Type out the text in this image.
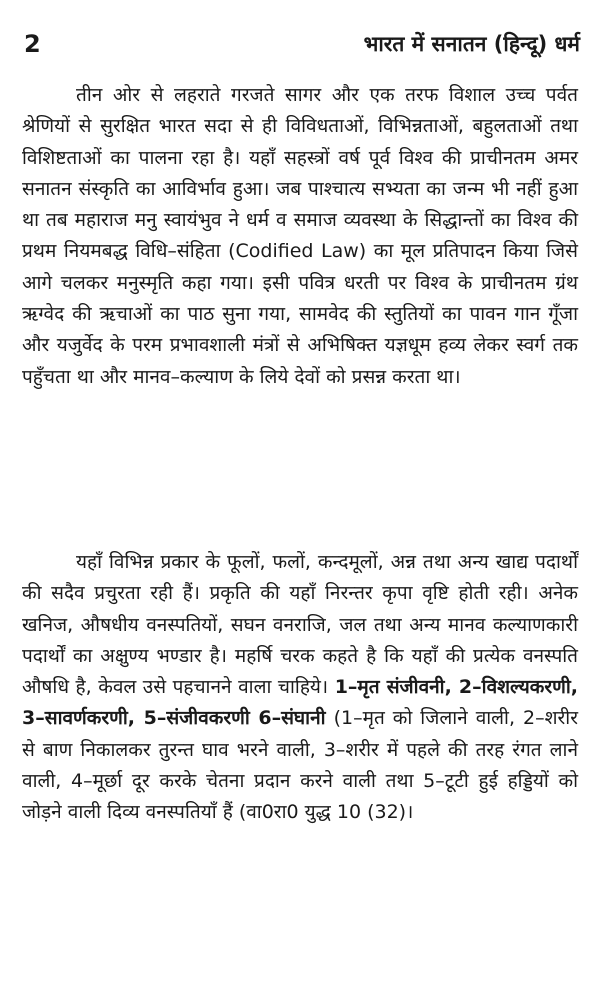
2	भारत में सनातन (हिन्दू) धर्म

तीन ओर से लहराते गरजते सागर और एक तरफ विशाल उच्च पर्वत श्रेणियों से सुरक्षित भारत सदा से ही विविधताओं, विभिन्नताओं, बहुलताओं तथा विशिष्टताओं का पालना रहा है। यहाँ सहस्त्रों वर्ष पूर्व विश्व की प्राचीनतम अमर सनातन संस्कृति का आविर्भाव हुआ। जब पाश्चात्य सभ्यता का जन्म भी नहीं हुआ था तब महाराज मनु स्वायंभुव ने धर्म व समाज व्यवस्था के सिद्धान्तों का विश्व की प्रथम नियमबद्ध विधि–संहिता (Codified Law) का मूल प्रतिपादन किया जिसे आगे चलकर मनुस्मृति कहा गया। इसी पवित्र धरती पर विश्व के प्राचीनतम ग्रंथ ऋग्वेद की ऋचाओं का पाठ सुना गया, सामवेद की स्तुतियों का पावन गान गूँजा और यजुर्वेद के परम प्रभावशाली मंत्रों से अभिषिक्त यज्ञधूम हव्य लेकर स्वर्ग तक पहुँचता था और मानव–कल्याण के लिये देवों को प्रसन्न करता था।

यहाँ विभिन्न प्रकार के फूलों, फलों, कन्दमूलों, अन्न तथा अन्य खाद्य पदार्थों की सदैव प्रचुरता रही हैं। प्रकृति की यहाँ निरन्तर कृपा वृष्टि होती रही। अनेक खनिज, औषधीय वनस्पतियों, सघन वनराजि, जल तथा अन्य मानव कल्याणकारी पदार्थों का अक्षुण्य भण्डार है। महर्षि चरक कहते है कि यहाँ की प्रत्येक वनस्पति औषधि है, केवल उसे पहचानने वाला चाहिये। 1–मृत संजीवनी, 2–विशल्यकरणी, 3–सावर्णकरणी, 5–संजीवकरणी 6–संघानी (1–मृत को जिलाने वाली, 2–शरीर से बाण निकालकर तुरन्त घाव भरने वाली, 3–शरीर में पहले की तरह रंगत लाने वाली, 4–मूर्छा दूर करके चेतना प्रदान करने वाली तथा 5–टूटी हुई हड्डियों को जोड़ने वाली दिव्य वनस्पतियाँ हैं (वा0रा0 युद्ध 10 (32)।
